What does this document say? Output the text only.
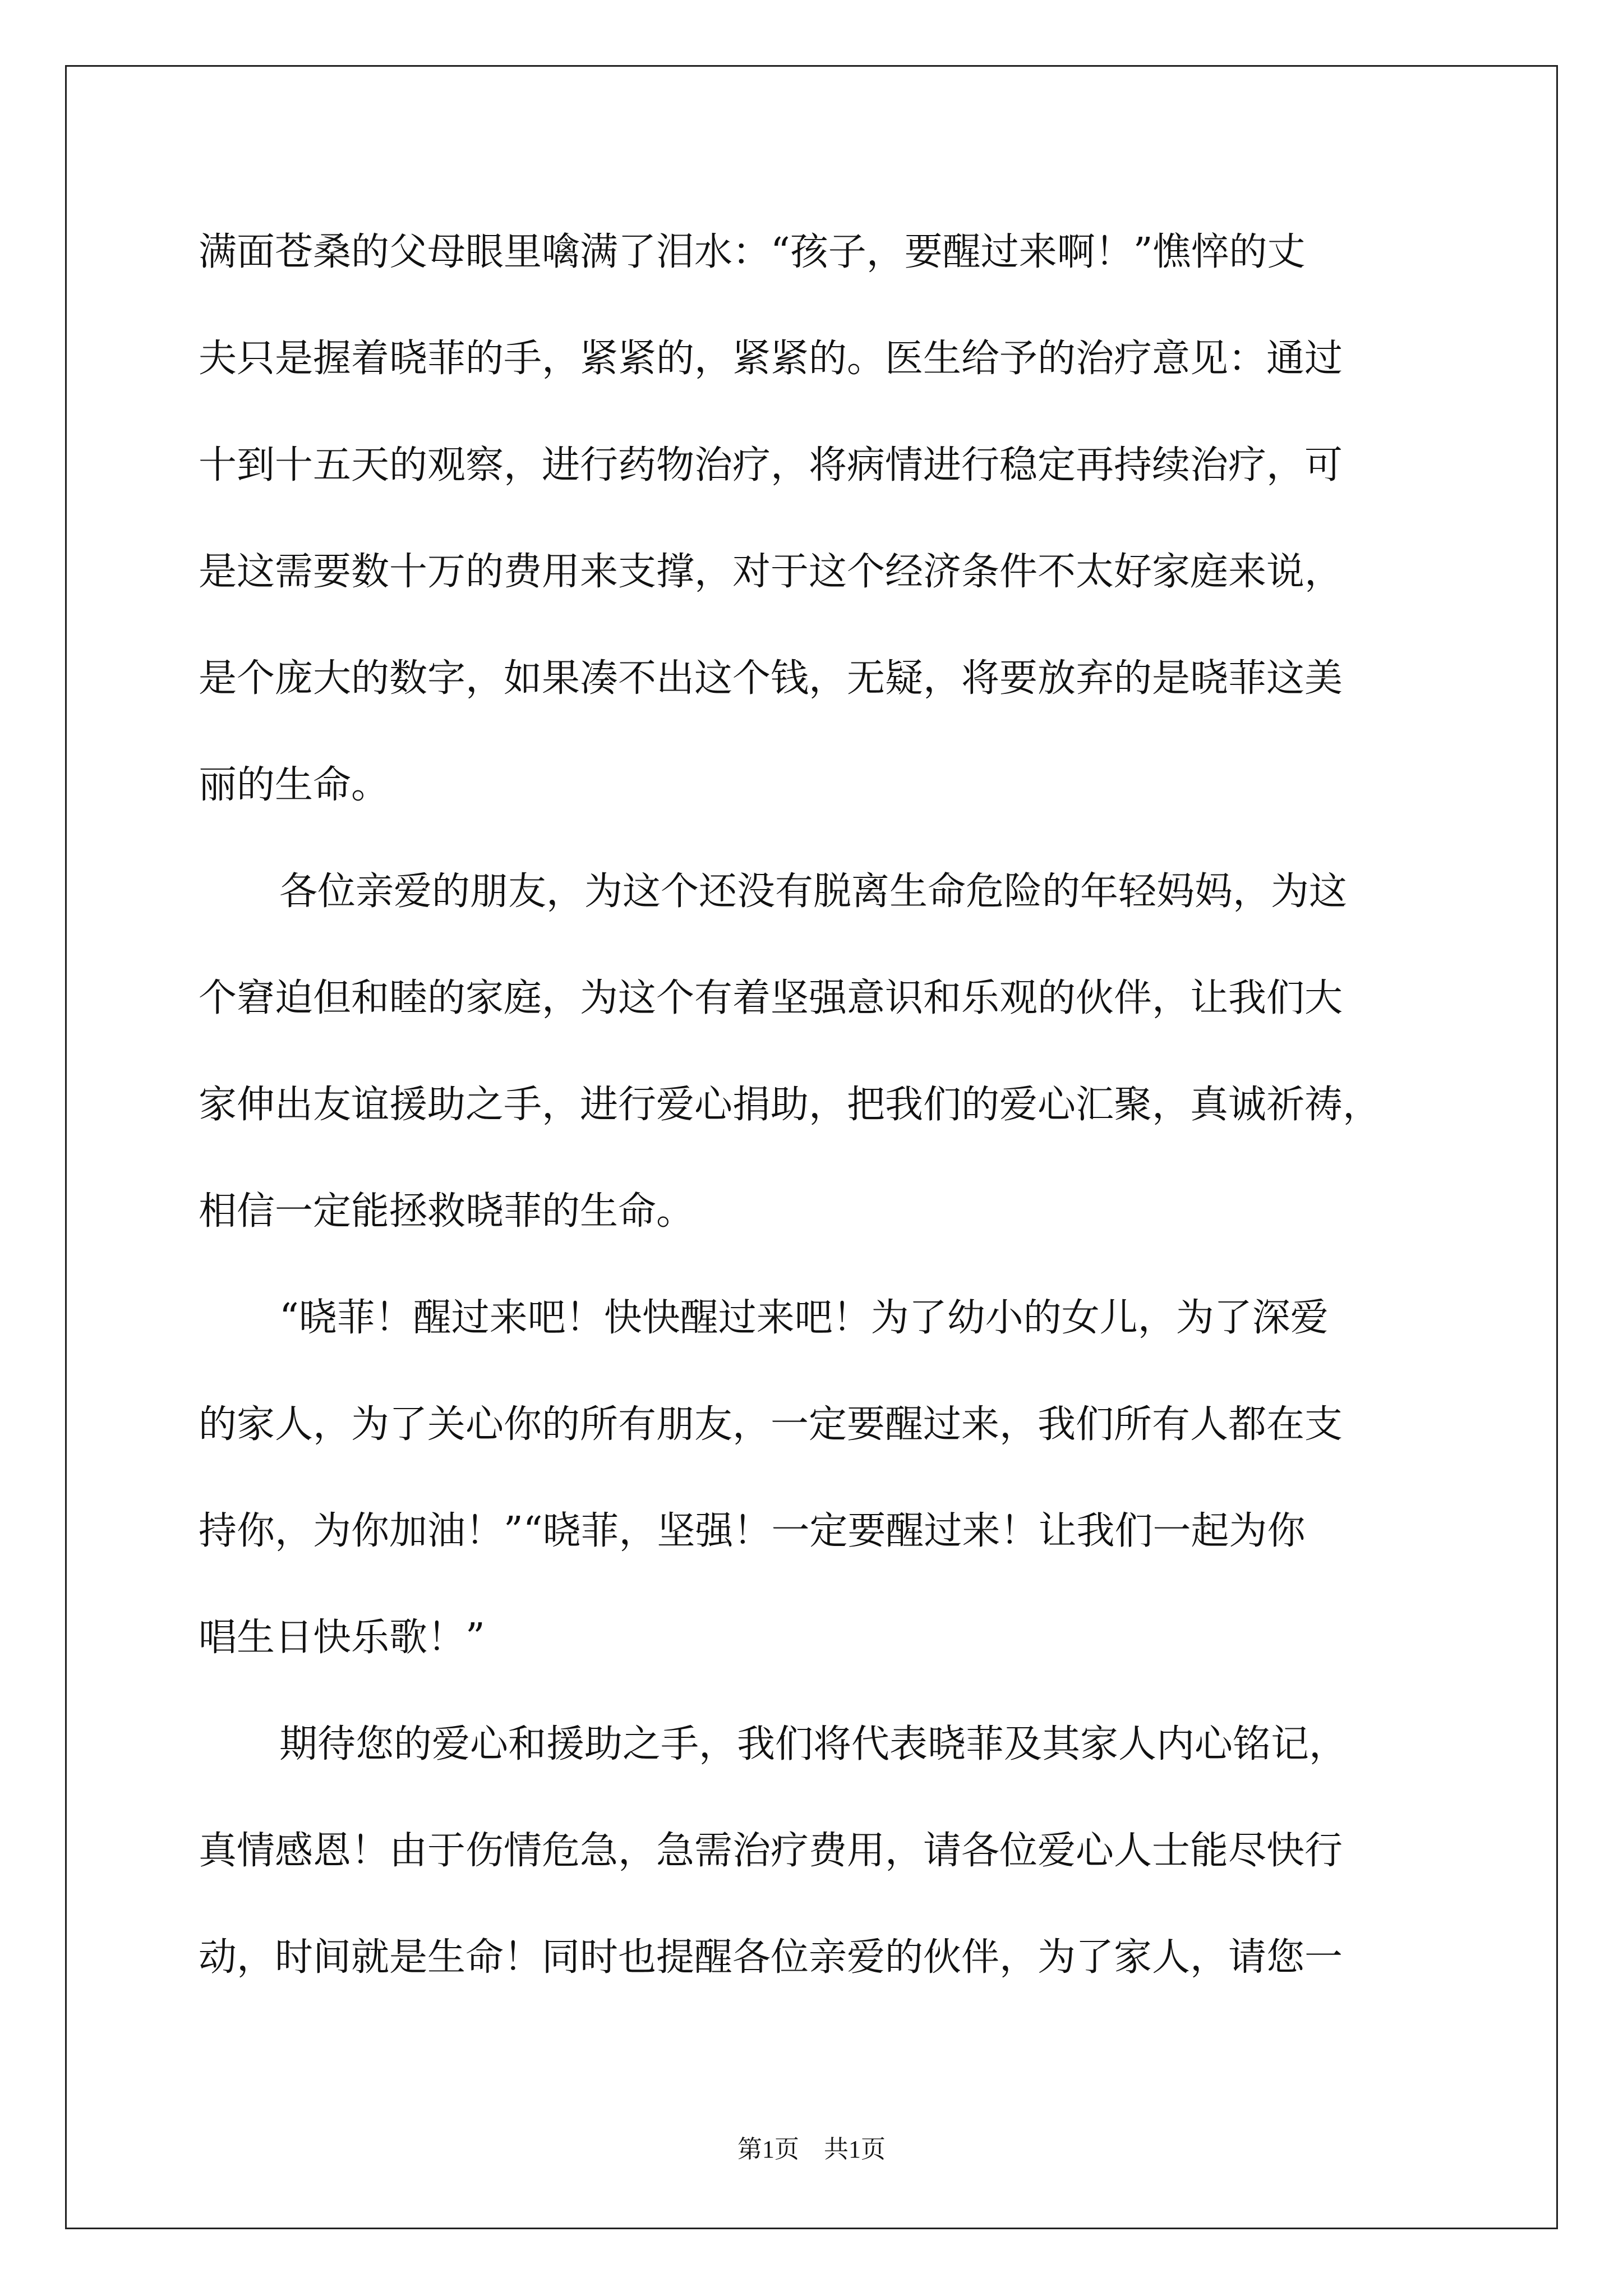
满面苍桑的父母眼里噙满了泪水：“孩子，要醒过来啊！”憔悴的丈
夫只是握着晓菲的手，紧紧的，紧紧的。医生给予的治疗意见：通过
十到十五天的观察，进行药物治疗，将病情进行稳定再持续治疗，可
是这需要数十万的费用来支撑，对于这个经济条件不太好家庭来说，
是个庞大的数字，如果凑不出这个钱，无疑，将要放弃的是晓菲这美
丽的生命。
各位亲爱的朋友，为这个还没有脱离生命危险的年轻妈妈，为这
个窘迫但和睦的家庭，为这个有着坚强意识和乐观的伙伴，让我们大
家伸出友谊援助之手，进行爱心捐助，把我们的爱心汇聚，真诚祈祷，
相信一定能拯救晓菲的生命。
“晓菲！醒过来吧！快快醒过来吧！为了幼小的女儿，为了深爱
的家人，为了关心你的所有朋友，一定要醒过来，我们所有人都在支
持你，为你加油！”“晓菲，坚强！一定要醒过来！让我们一起为你
唱生日快乐歌！”
期待您的爱心和援助之手，我们将代表晓菲及其家人内心铭记，
真情感恩！由于伤情危急，急需治疗费用，请各位爱心人士能尽快行
动，时间就是生命！同时也提醒各位亲爱的伙伴，为了家人，请您一
第1页　共1页
